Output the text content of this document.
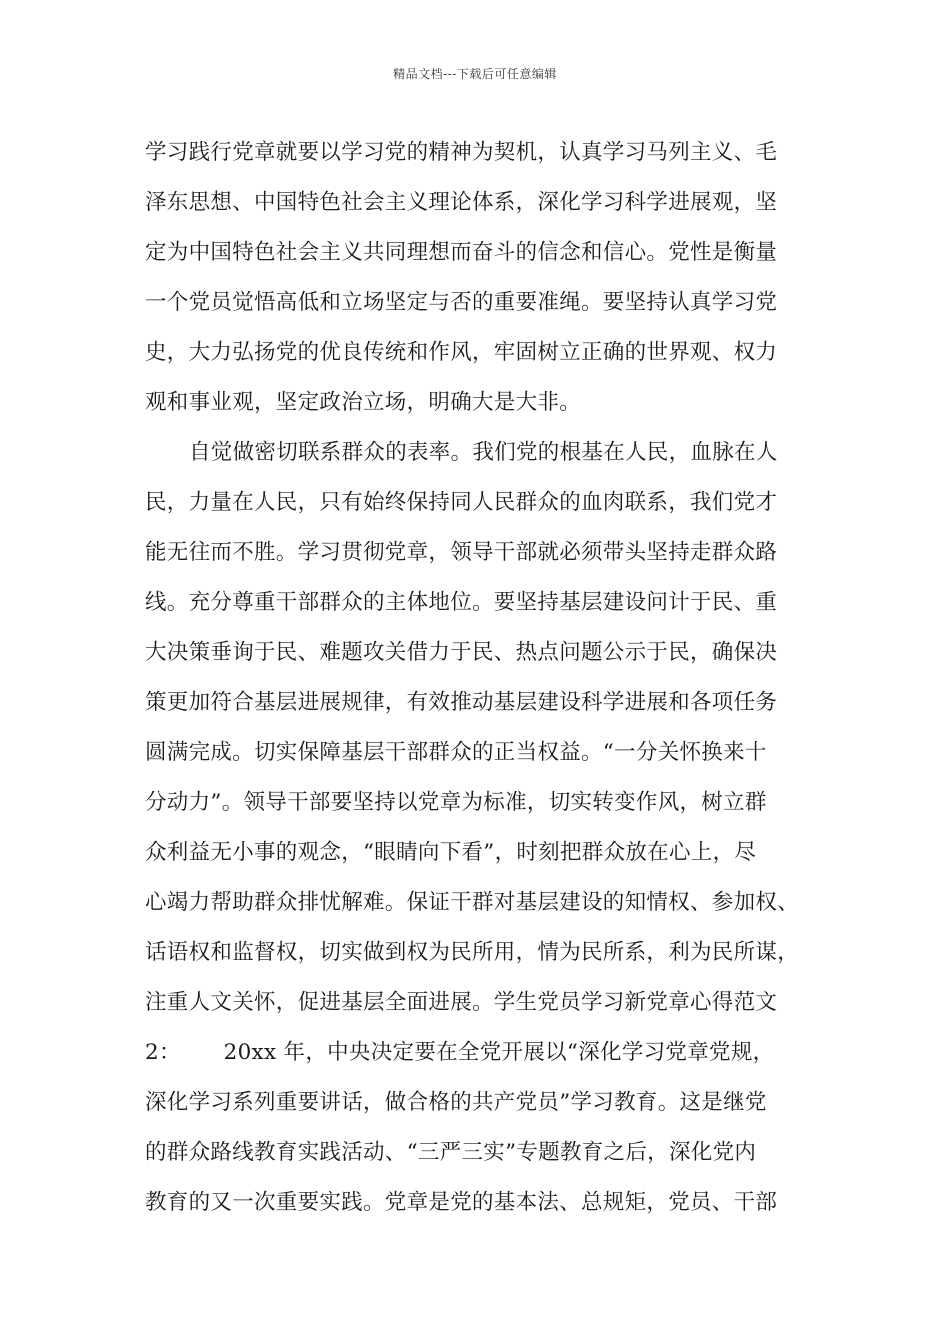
精品文档---下载后可任意编辑
学习践行党章就要以学习党的精神为契机，认真学习马列主义、毛
泽东思想、中国特色社会主义理论体系，深化学习科学进展观，坚
定为中国特色社会主义共同理想而奋斗的信念和信心。党性是衡量
一个党员觉悟高低和立场坚定与否的重要准绳。要坚持认真学习党
史，大力弘扬党的优良传统和作风，牢固树立正确的世界观、权力
观和事业观，坚定政治立场，明确大是大非。
自觉做密切联系群众的表率。我们党的根基在人民，血脉在人
民，力量在人民，只有始终保持同人民群众的血肉联系，我们党才
能无往而不胜。学习贯彻党章，领导干部就必须带头坚持走群众路
线。充分尊重干部群众的主体地位。要坚持基层建设问计于民、重
大决策垂询于民、难题攻关借力于民、热点问题公示于民，确保决
策更加符合基层进展规律，有效推动基层建设科学进展和各项任务
圆满完成。切实保障基层干部群众的正当权益。“一分关怀换来十
分动力”。领导干部要坚持以党章为标准，切实转变作风，树立群
众利益无小事的观念，“眼睛向下看”，时刻把群众放在心上，尽
心竭力帮助群众排忧解难。保证干群对基层建设的知情权、参加权、
话语权和监督权，切实做到权为民所用，情为民所系，利为民所谋，
注重人文关怀，促进基层全面进展。学生党员学习新党章心得范文
2：      20xx 年，中央决定要在全党开展以“深化学习党章党规，
深化学习系列重要讲话，做合格的共产党员”学习教育。这是继党
的群众路线教育实践活动、“三严三实”专题教育之后，深化党内
教育的又一次重要实践。党章是党的基本法、总规矩，党员、干部
